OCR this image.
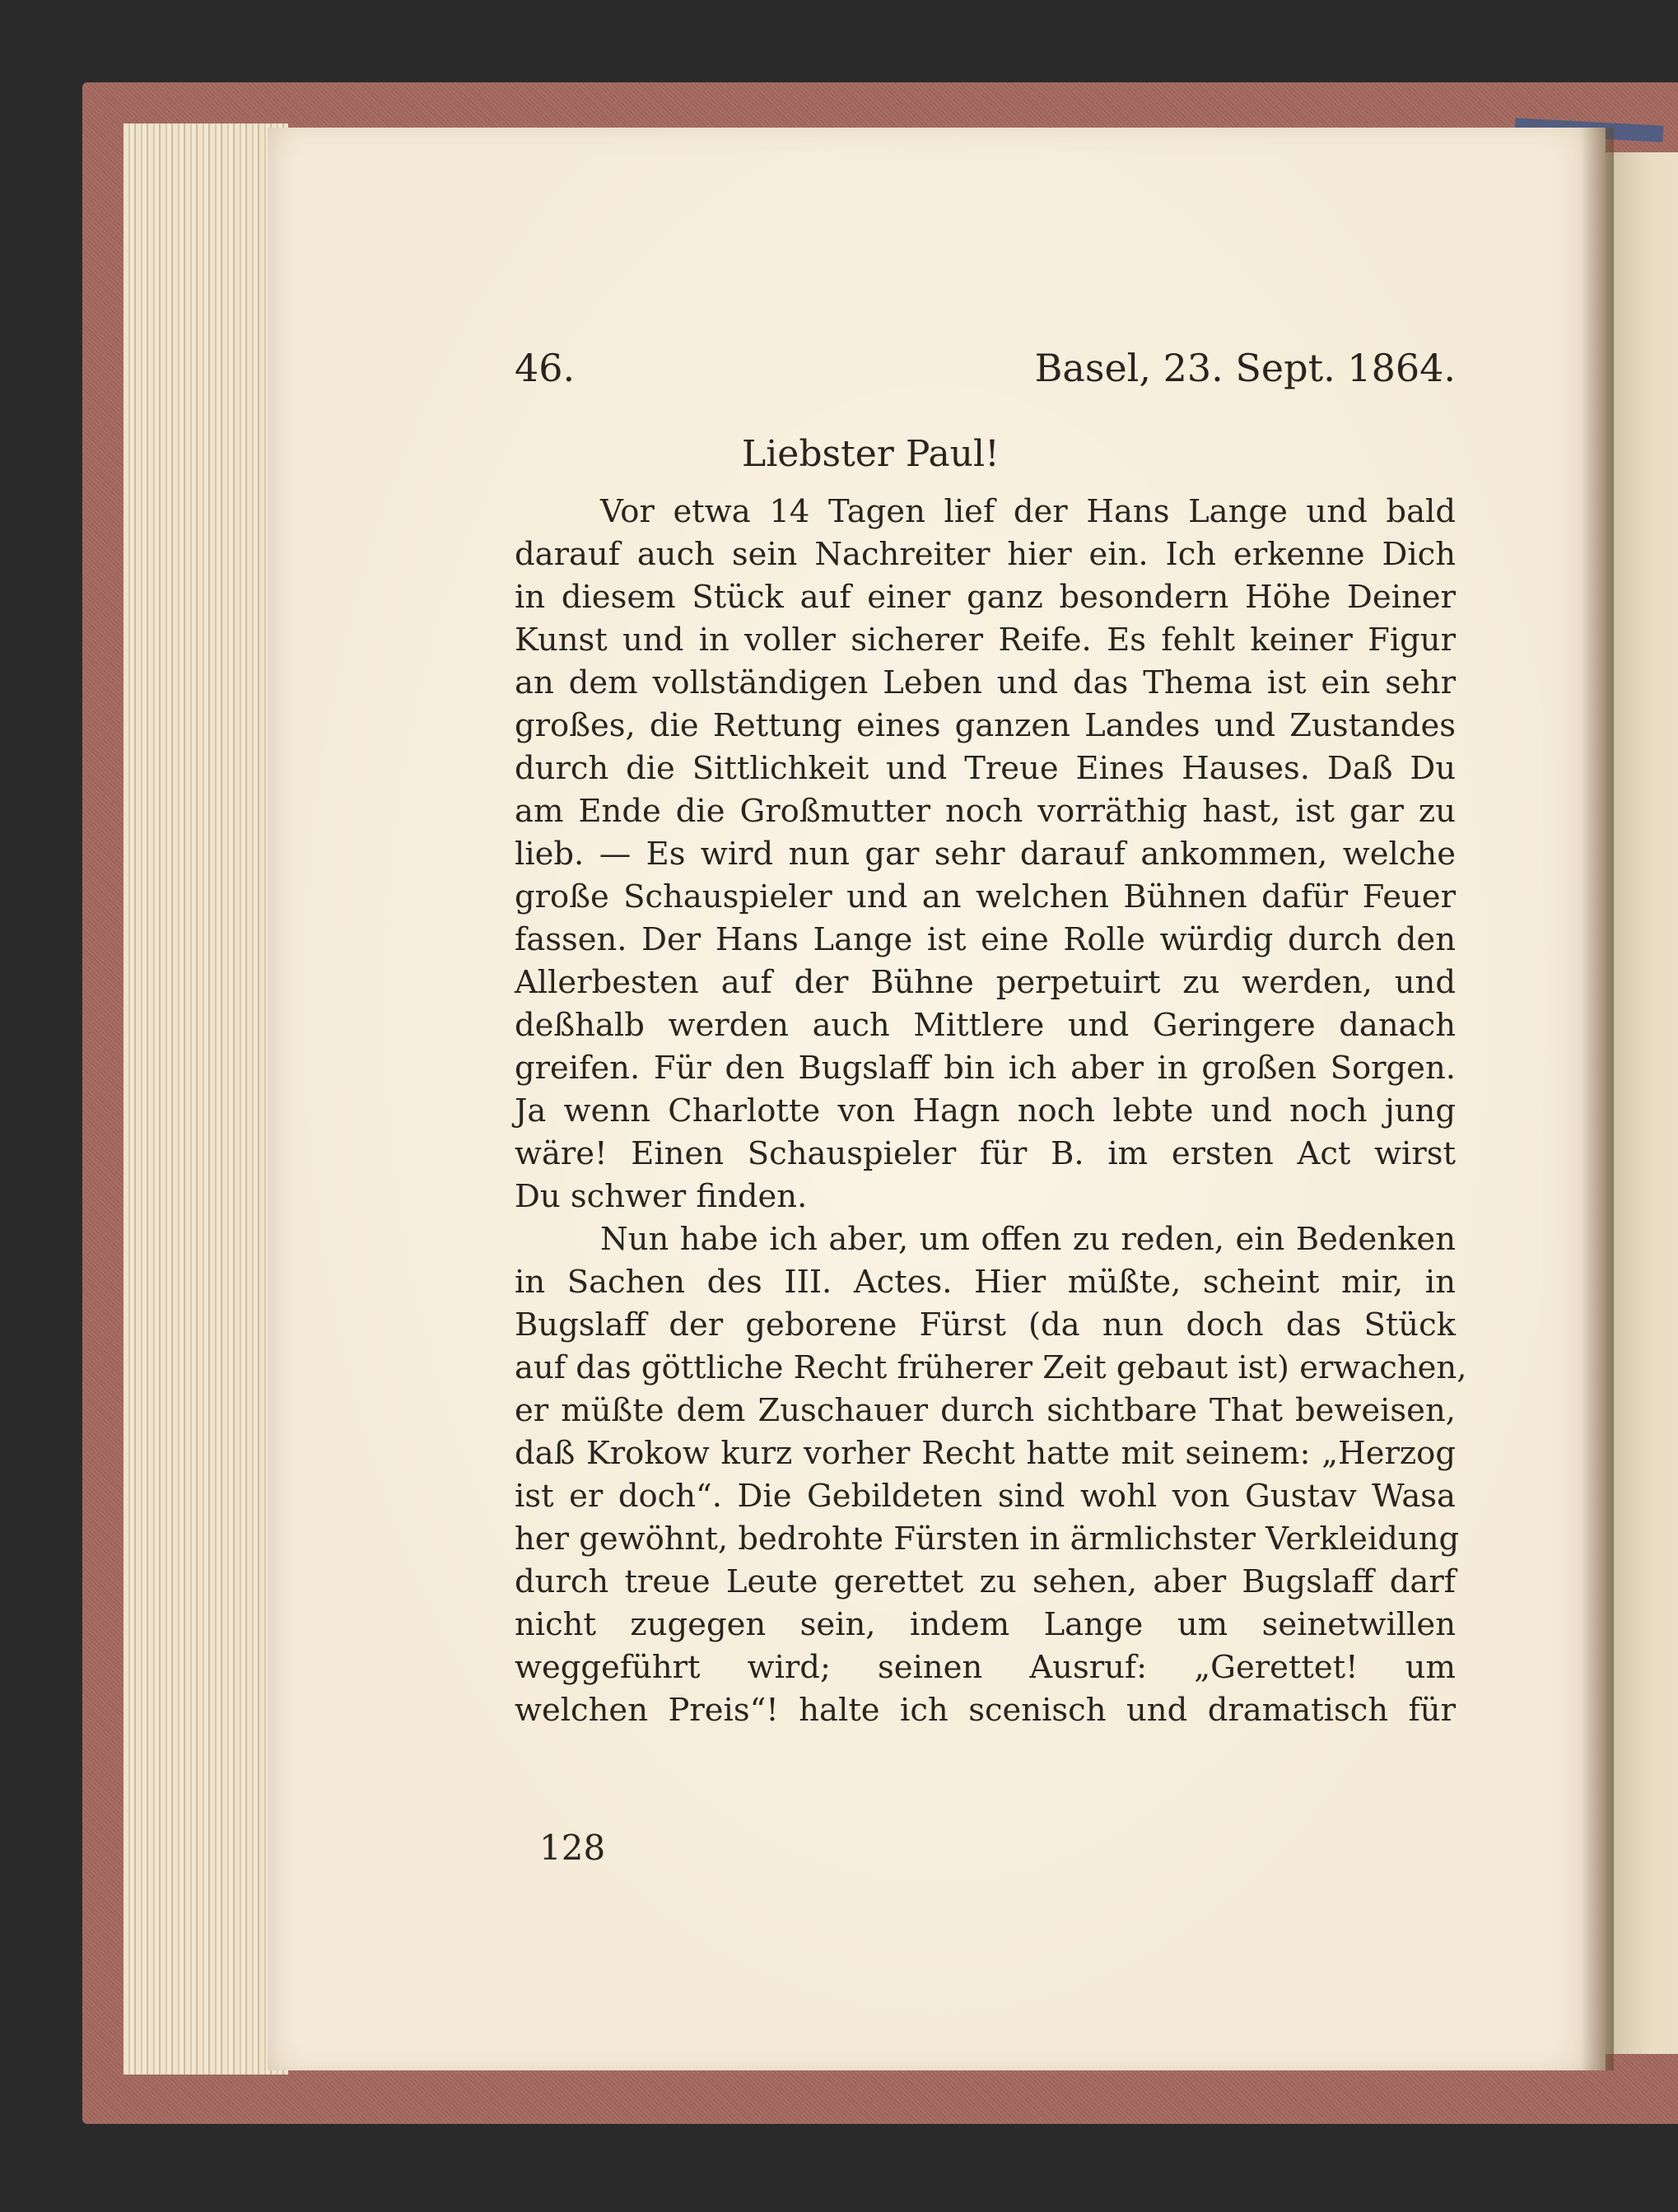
46.	Basel, 23. Sept. 1864.
Liebster Paul!
Vor etwa 14 Tagen lief der Hans Lange und bald
darauf auch sein Nachreiter hier ein. Ich erkenne Dich
in diesem Stück auf einer ganz besondern Höhe Deiner
Kunst und in voller sicherer Reife. Es fehlt keiner Figur
an dem vollständigen Leben und das Thema ist ein sehr
großes, die Rettung eines ganzen Landes und Zustandes
durch die Sittlichkeit und Treue Eines Hauses. Daß Du
am Ende die Großmutter noch vorräthig hast, ist gar zu
lieb. — Es wird nun gar sehr darauf ankommen, welche
große Schauspieler und an welchen Bühnen dafür Feuer
fassen. Der Hans Lange ist eine Rolle würdig durch den
Allerbesten auf der Bühne perpetuirt zu werden, und
deßhalb werden auch Mittlere und Geringere danach
greifen. Für den Bugslaff bin ich aber in großen Sorgen.
Ja wenn Charlotte von Hagn noch lebte und noch jung
wäre! Einen Schauspieler für B. im ersten Act wirst
Du schwer finden.
Nun habe ich aber, um offen zu reden, ein Bedenken
in Sachen des III. Actes. Hier müßte, scheint mir, in
Bugslaff der geborene Fürst (da nun doch das Stück
auf das göttliche Recht früherer Zeit gebaut ist) erwachen,
er müßte dem Zuschauer durch sichtbare That beweisen,
daß Krokow kurz vorher Recht hatte mit seinem: „Herzog
ist er doch“. Die Gebildeten sind wohl von Gustav Wasa
her gewöhnt, bedrohte Fürsten in ärmlichster Verkleidung
durch treue Leute gerettet zu sehen, aber Bugslaff darf
nicht zugegen sein, indem Lange um seinetwillen
weggeführt wird; seinen Ausruf: „Gerettet! um
welchen Preis“! halte ich scenisch und dramatisch für
128
